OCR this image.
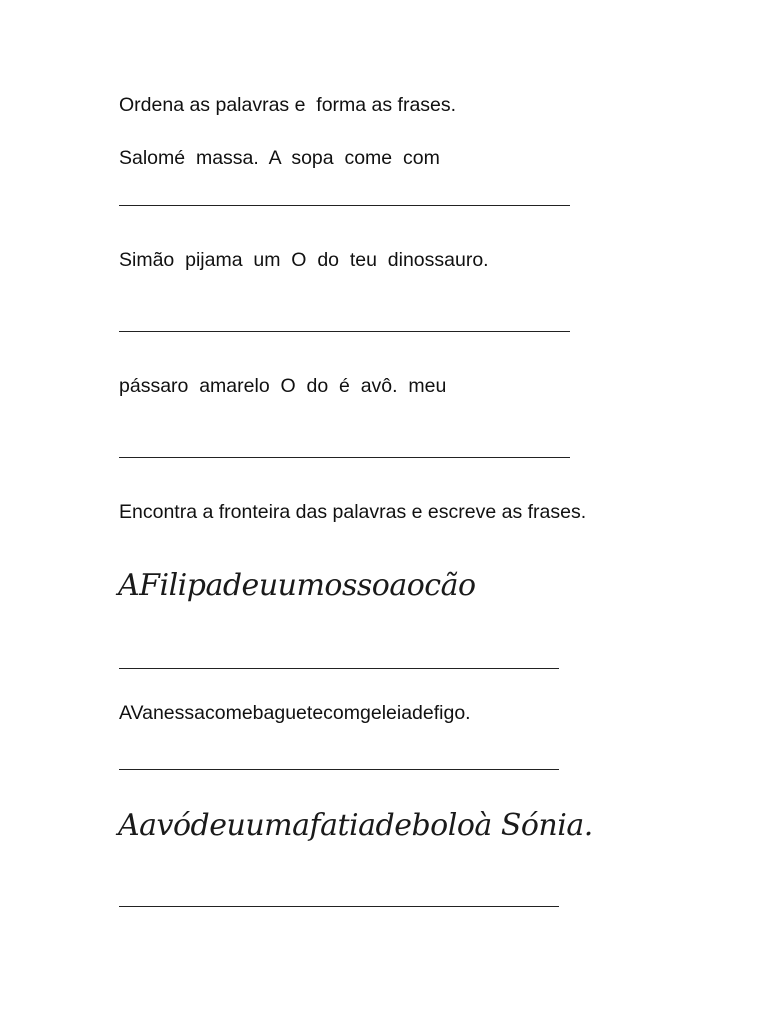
Ordena as palavras e  forma as frases.
Salomé  massa.  A  sopa  come  com
Simão  pijama  um  O  do  teu  dinossauro.
pássaro  amarelo  O  do  é  avô.  meu
Encontra a fronteira das palavras e escreve as frases.
AFilipadeuumossoaocão
AVanessacomebaguetecomgeleiadefigo.
Aavódeuumafatiadeboloà Sónia.
